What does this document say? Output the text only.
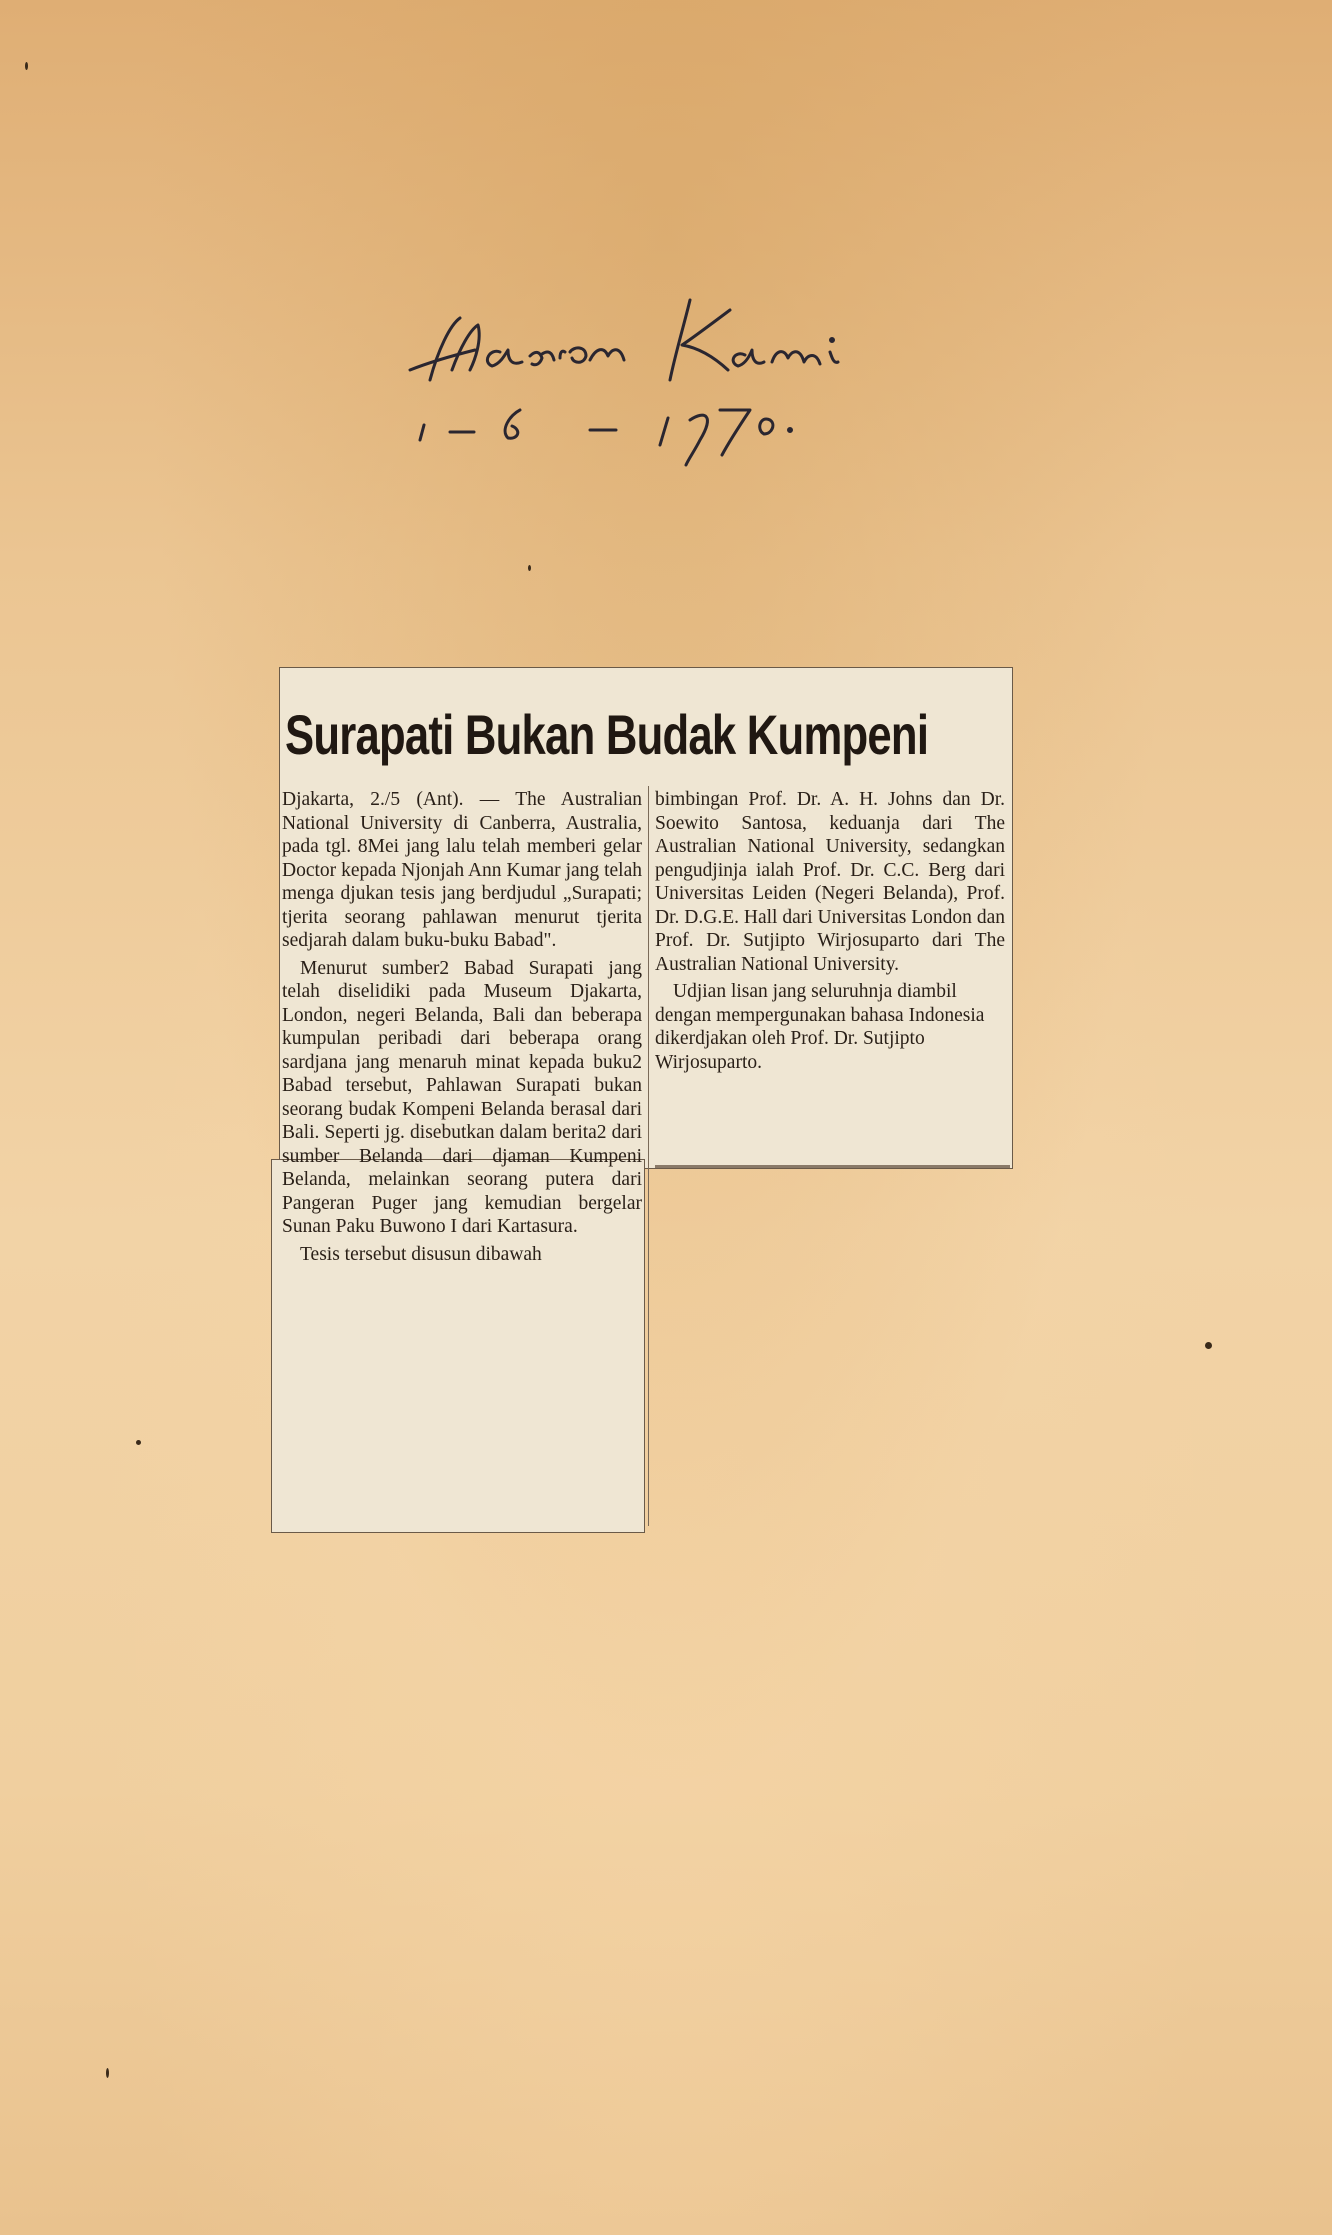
Surapati Bukan Budak Kumpeni

Djakarta, 2./5 (Ant). — The Australian National University di Canberra, Australia, pada tgl. 8Mei jang lalu telah memberi gelar Doctor kepada Njonjah Ann Kumar jang telah menga djukan tesis jang berdjudul „Surapati; tjerita seorang pahlawan menurut tjerita sedjarah dalam buku-buku Babad".

Menurut sumber2 Babad Surapati jang telah diselidiki pada Museum Djakarta, London, negeri Belanda, Bali dan beberapa kumpulan peribadi dari beberapa orang sardjana jang menaruh minat kepada buku2 Babad tersebut, Pahlawan Surapati bukan seorang budak Kompeni Belanda berasal dari Bali. Seperti jg. disebutkan dalam berita2 dari sumber Belanda dari djaman Kumpeni Belanda, melainkan seorang putera dari Pangeran Puger jang kemudian bergelar Sunan Paku Buwono I dari Kartasura.

Tesis tersebut disusun dibawah

bimbingan Prof. Dr. A. H. Johns dan Dr. Soewito Santosa, keduanja dari The Australian National University, sedangkan pengudjinja ialah Prof. Dr. C.C. Berg dari Universitas Leiden (Negeri Belanda), Prof. Dr. D.G.E. Hall dari Universitas London dan Prof. Dr. Sutjipto Wirjosuparto dari The Australian National University.

Udjian lisan jang seluruhnja diambil dengan mempergunakan bahasa Indonesia dikerdjakan oleh Prof. Dr. Sutjipto Wirjosuparto.
